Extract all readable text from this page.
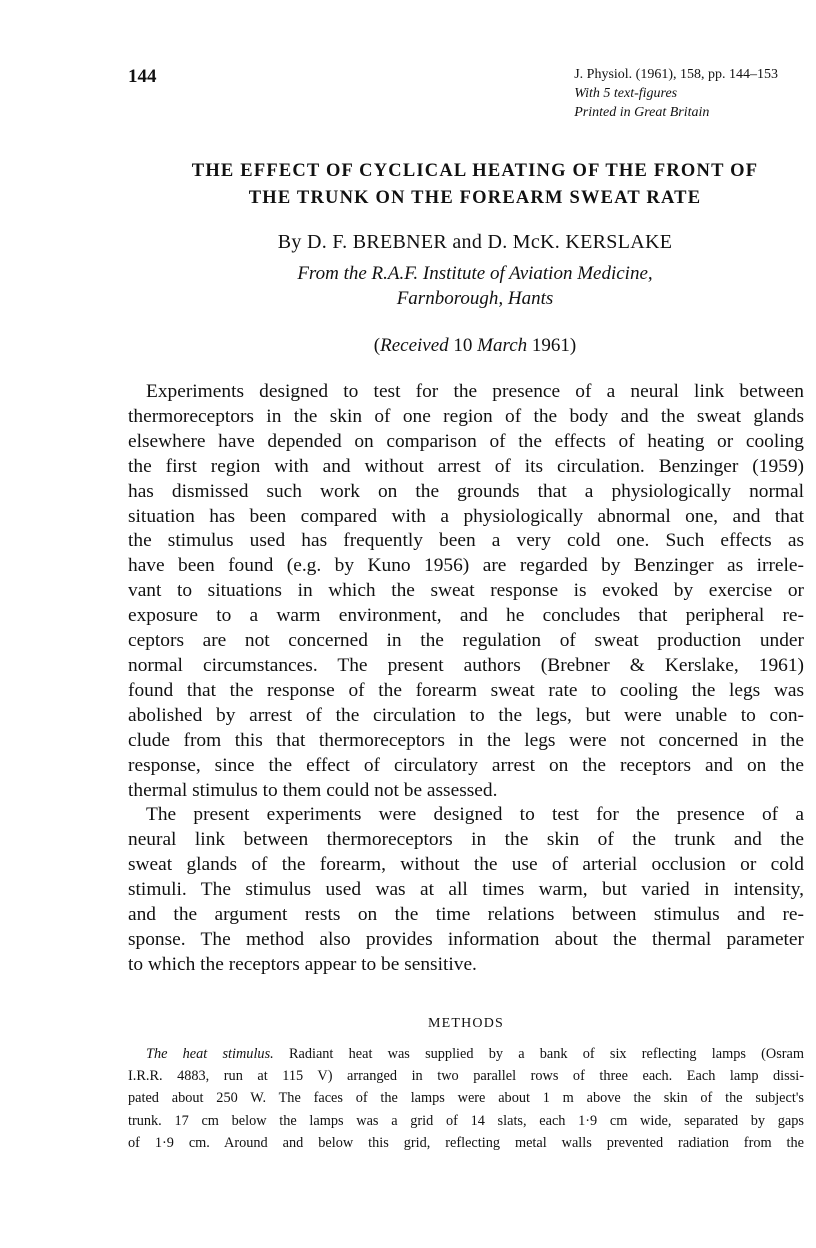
144	J. Physiol. (1961), 158, pp. 144–153
With 5 text-figures
Printed in Great Britain
THE EFFECT OF CYCLICAL HEATING OF THE FRONT OF
THE TRUNK ON THE FOREARM SWEAT RATE
By D. F. BREBNER and D. McK. KERSLAKE
From the R.A.F. Institute of Aviation Medicine,
Farnborough, Hants
(Received 10 March 1961)
Experiments designed to test for the presence of a neural link between
thermoreceptors in the skin of one region of the body and the sweat glands
elsewhere have depended on comparison of the effects of heating or cooling
the first region with and without arrest of its circulation. Benzinger (1959)
has dismissed such work on the grounds that a physiologically normal
situation has been compared with a physiologically abnormal one, and that
the stimulus used has frequently been a very cold one. Such effects as
have been found (e.g. by Kuno 1956) are regarded by Benzinger as irrele-
vant to situations in which the sweat response is evoked by exercise or
exposure to a warm environment, and he concludes that peripheral re-
ceptors are not concerned in the regulation of sweat production under
normal circumstances. The present authors (Brebner & Kerslake, 1961)
found that the response of the forearm sweat rate to cooling the legs was
abolished by arrest of the circulation to the legs, but were unable to con-
clude from this that thermoreceptors in the legs were not concerned in the
response, since the effect of circulatory arrest on the receptors and on the
thermal stimulus to them could not be assessed.
The present experiments were designed to test for the presence of a
neural link between thermoreceptors in the skin of the trunk and the
sweat glands of the forearm, without the use of arterial occlusion or cold
stimuli. The stimulus used was at all times warm, but varied in intensity,
and the argument rests on the time relations between stimulus and re-
sponse. The method also provides information about the thermal parameter
to which the receptors appear to be sensitive.
METHODS
The heat stimulus. Radiant heat was supplied by a bank of six reflecting lamps (Osram
I.R.R. 4883, run at 115 V) arranged in two parallel rows of three each. Each lamp dissi-
pated about 250 W. The faces of the lamps were about 1 m above the skin of the subject's
trunk. 17 cm below the lamps was a grid of 14 slats, each 1·9 cm wide, separated by gaps
of 1·9 cm. Around and below this grid, reflecting metal walls prevented radiation from the
